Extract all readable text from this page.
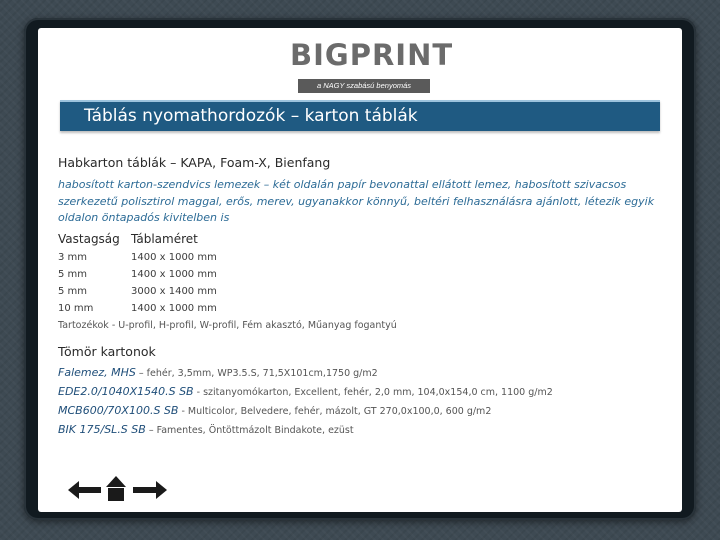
BIGPRINT
a NAGY szabású benyomás
Táblás nyomathordozók – karton táblák
Habkarton táblák – KAPA, Foam-X, Bienfang
habosított karton-szendvics lemezek – két oldalán papír bevonattal ellátott lemez, habosított szivacsos szerkezetű polisztirol maggal, erős, merev, ugyanakkor könnyű, beltéri felhasználásra ajánlott, létezik egyik oldalon öntapadós kivitelben is
Vastagság Táblaméret
3 mm	1400 x 1000 mm
5 mm	1400 x 1000 mm
5 mm	3000 x 1400 mm
10 mm	1400 x 1000 mm
Tartozékok - U-profil, H-profil, W-profil, Fém akasztó, Műanyag fogantyú
Tömör kartonok
Falemez, MHS – fehér, 3,5mm, WP3.5.S, 71,5X101cm,1750 g/m2
EDE2.0/1040X1540.S SB - szitanyomókarton, Excellent, fehér, 2,0 mm, 104,0x154,0 cm, 1100 g/m2
MCB600/70X100.S SB - Multicolor, Belvedere, fehér, mázolt, GT 270,0x100,0, 600 g/m2
BIK 175/SL.S SB – Famentes, Öntöttmázolt Bindakote, ezüst
